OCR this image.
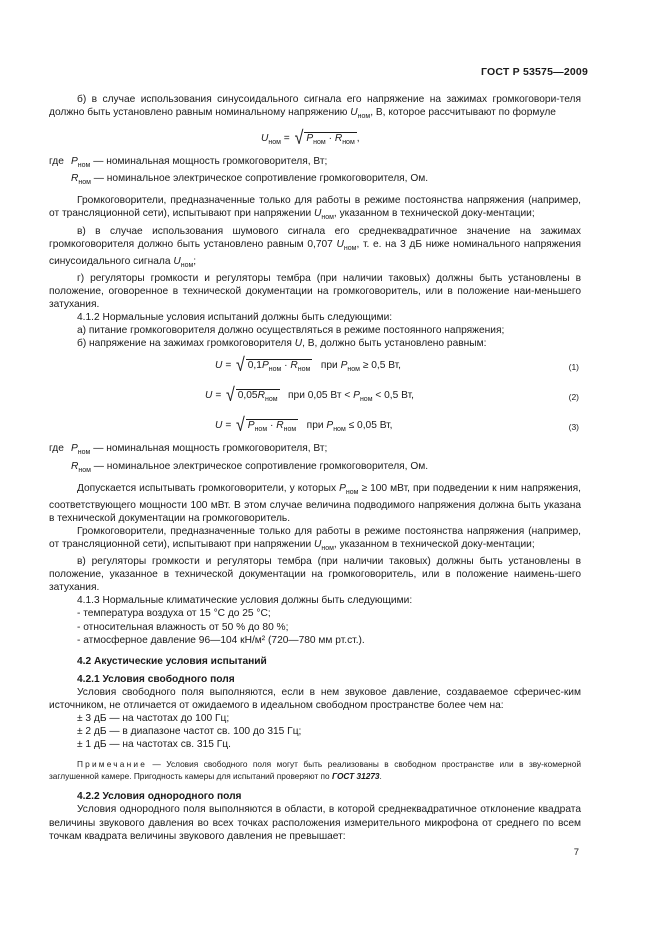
ГОСТ Р 53575—2009

б) в случае использования синусоидального сигнала его напряжение на зажимах громкоговори-теля должно быть установлено равным номинальному напряжению $U_{ном}$, В, которое рассчитывают по формуле

$U_{ном}$ = √ $P_{ном} \cdot R_{ном}$ ,
где $P_{ном}$ — номинальная мощность громкоговорителя, Вт;
$R_{ном}$ — номинальное электрическое сопротивление громкоговорителя, Ом.

Громкоговорители, предназначенные только для работы в режиме постоянства напряжения (например, от трансляционной сети), испытывают при напряжении $U_{ном}$, указанном в технической доку-ментации;

в) в случае использования шумового сигнала его среднеквадратичное значение на зажимах громкоговорителя должно быть установлено равным 0,707 $U_{ном}$, т. е. на 3 дБ ниже номинального напряжения синусоидального сигнала $U_{ном}$;

г) регуляторы громкости и регуляторы тембра (при наличии таковых) должны быть установлены в положение, оговоренное в технической документации на громкоговоритель, или в положение наи-меньшего затухания.

4.1.2 Нормальные условия испытаний должны быть следующими:

а) питание громкоговорителя должно осуществляться в режиме постоянного напряжения;

б) напряжение на зажимах громкоговорителя U, В, должно быть установлено равным:

U = √ $0,1P_{ном} \cdot R_{ном}$ при $P_{ном} \ge 0,5$ Вт,	(1)
U = √ $0,05R_{ном}$ при 0,05 Вт < $P_{ном} < 0,5$ Вт,	(2)
U = √ $P_{ном} \cdot R_{ном}$ при $P_{ном} \le 0,05$ Вт,	(3)
где $P_{ном}$ — номинальная мощность громкоговорителя, Вт;
$R_{ном}$ — номинальное электрическое сопротивление громкоговорителя, Ом.

Допускается испытывать громкоговорители, у которых $P_{ном} \ge 100$ мВт, при подведении к ним напряжения, соответствующего мощности 100 мВт. В этом случае величина подводимого напряжения должна быть указана в технической документации на громкоговоритель.

Громкоговорители, предназначенные только для работы в режиме постоянства напряжения (например, от трансляционной сети), испытывают при напряжении $U_{ном}$, указанном в технической доку-ментации;

в) регуляторы громкости и регуляторы тембра (при наличии таковых) должны быть установлены в положение, указанное в технической документации на громкоговоритель, или в положение наимень-шего затухания.

4.1.3 Нормальные климатические условия должны быть следующими:

- температура воздуха от 15 °С до 25 °С;

- относительная влажность от 50 % до 80 %;

- атмосферное давление 96—104 кН/м² (720—780 мм рт.ст.).

4.2 Акустические условия испытаний

4.2.1 Условия свободного поля

Условия свободного поля выполняются, если в нем звуковое давление, создаваемое сферичес-ким источником, не отличается от ожидаемого в идеальном свободном пространстве более чем на:

± 3 дБ — на частотах до 100 Гц;

± 2 дБ — в диапазоне частот св. 100 до 315 Гц;

± 1 дБ — на частотах св. 315 Гц.

Примечание — Условия свободного поля могут быть реализованы в свободном пространстве или в зву-комерной заглушенной камере. Пригодность камеры для испытаний проверяют по ГОСТ 31273.

4.2.2 Условия однородного поля

Условия однородного поля выполняются в области, в которой среднеквадратичное отклонение квадрата величины звукового давления во всех точках расположения измерительного микрофона от среднего по всем точкам квадрата величины звукового давления не превышает:

7
